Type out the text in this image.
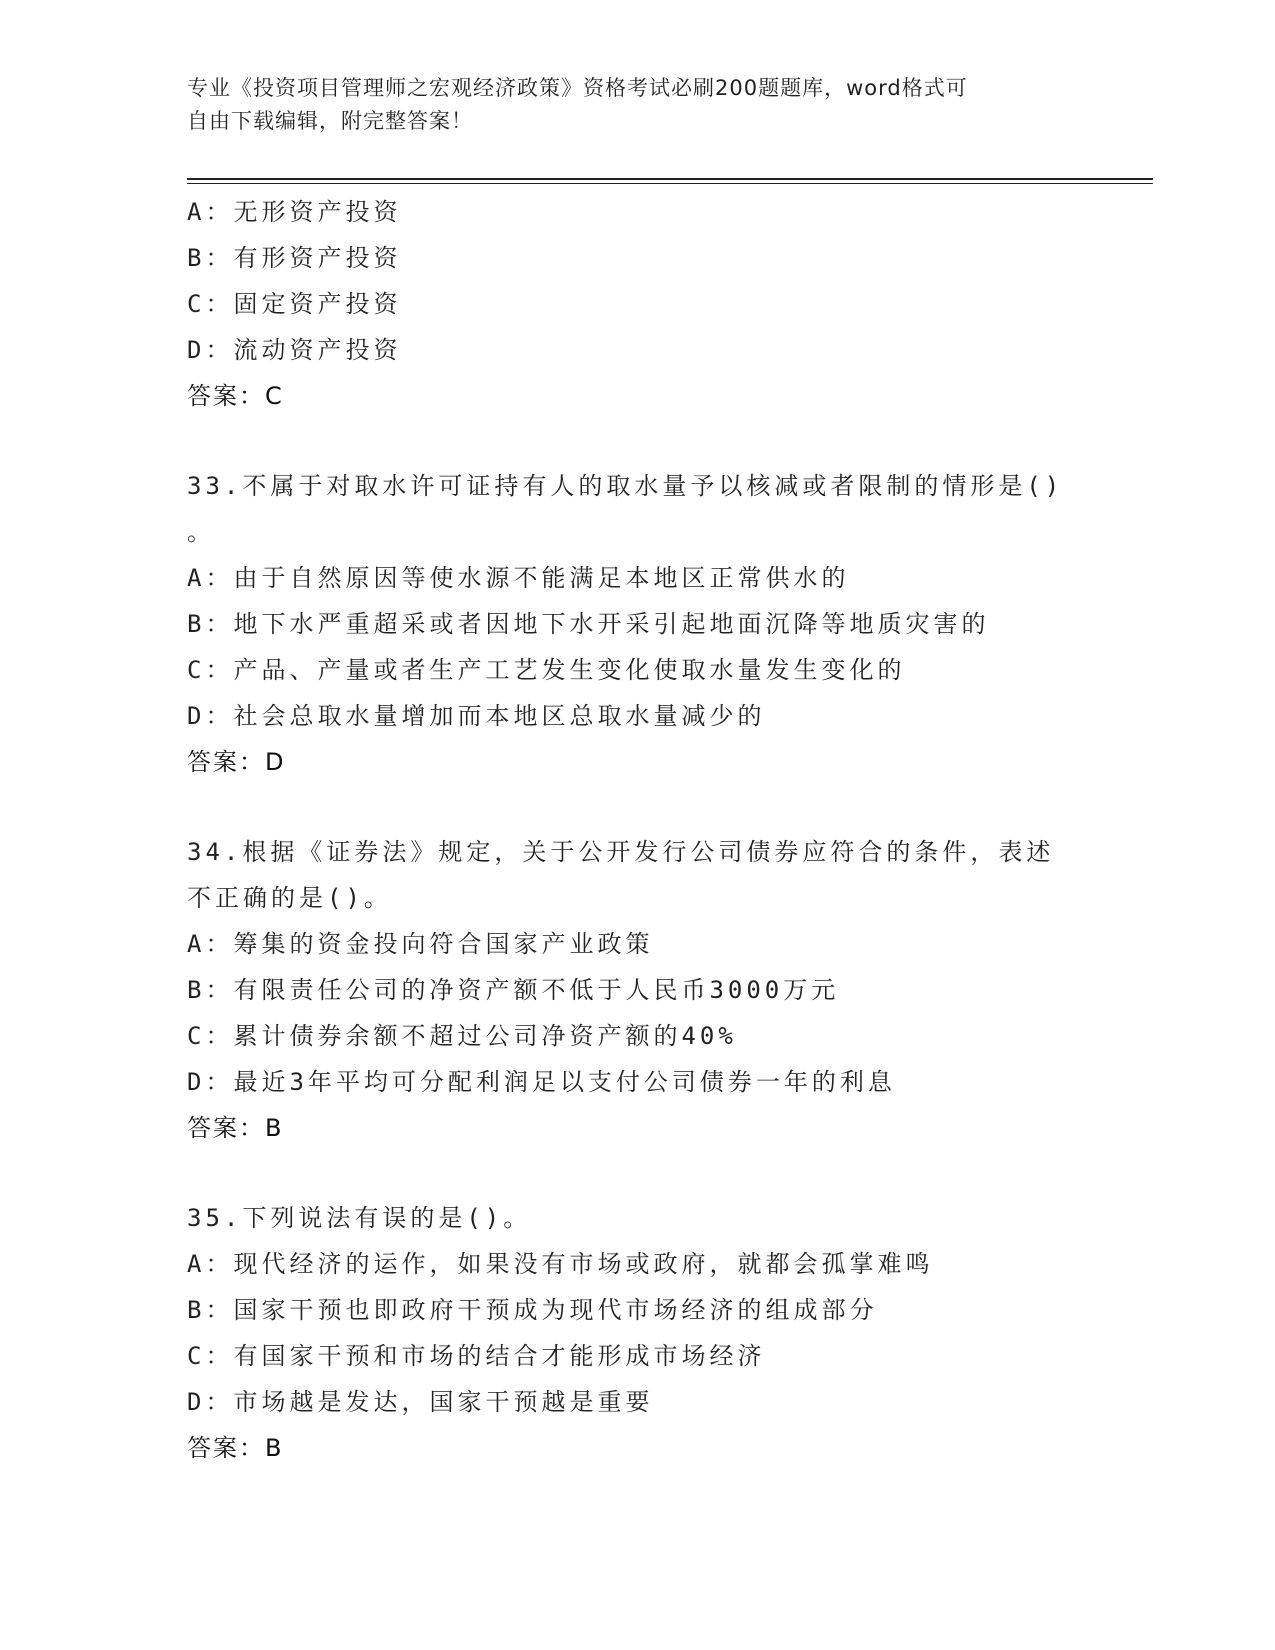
专业《投资项目管理师之宏观经济政策》资格考试必刷200题题库，word格式可
自由下载编辑，附完整答案！
A：无形资产投资
B：有形资产投资
C：固定资产投资
D：流动资产投资
答案：C
33.不属于对取水许可证持有人的取水量予以核减或者限制的情形是()
。
A：由于自然原因等使水源不能满足本地区正常供水的
B：地下水严重超采或者因地下水开采引起地面沉降等地质灾害的
C：产品、产量或者生产工艺发生变化使取水量发生变化的
D：社会总取水量增加而本地区总取水量减少的
答案：D
34.根据《证券法》规定，关于公开发行公司债券应符合的条件，表述
不正确的是()。
A：筹集的资金投向符合国家产业政策
B：有限责任公司的净资产额不低于人民币3000万元
C：累计债券余额不超过公司净资产额的40%
D：最近3年平均可分配利润足以支付公司债券一年的利息
答案：B
35.下列说法有误的是()。
A：现代经济的运作，如果没有市场或政府，就都会孤掌难鸣
B：国家干预也即政府干预成为现代市场经济的组成部分
C：有国家干预和市场的结合才能形成市场经济
D：市场越是发达，国家干预越是重要
答案：B
